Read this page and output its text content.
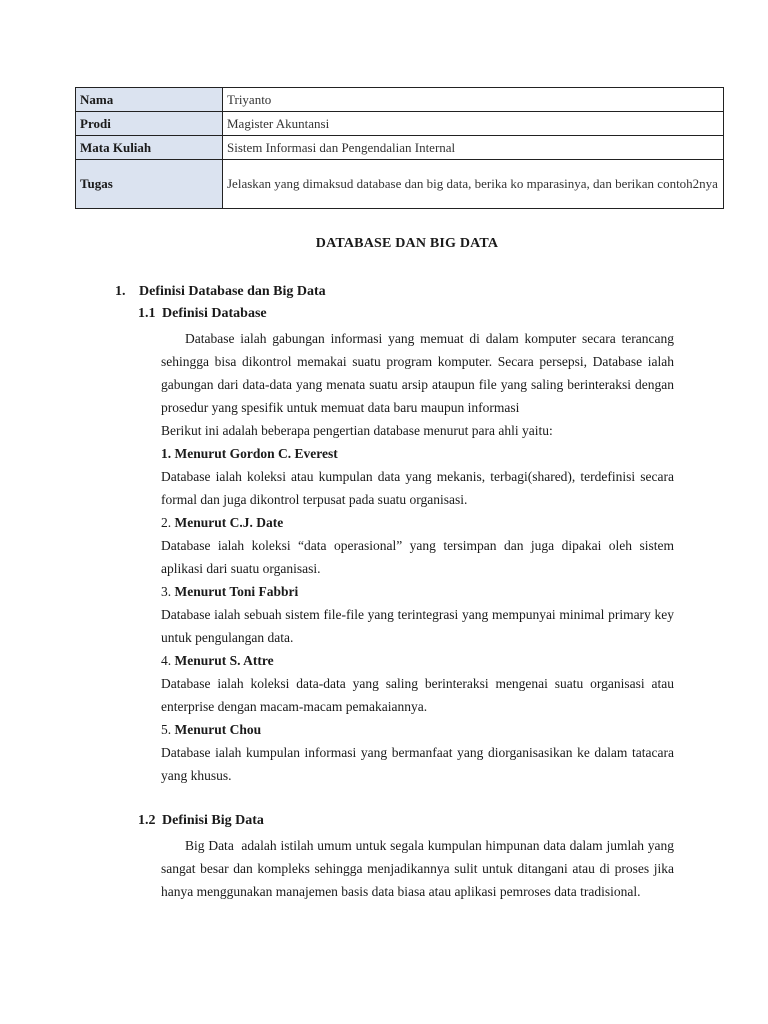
Nama	Triyanto
Prodi	Magister Akuntansi
Mata Kuliah	Sistem Informasi dan Pengendalian Internal
Tugas	Jelaskan yang dimaksud database dan big data, berika ko mparasinya, dan berikan contoh2nya

DATABASE DAN BIG DATA

1. Definisi Database dan Big Data
1.1 Definisi Database

Database ialah gabungan informasi yang memuat di dalam komputer secara terancang sehingga bisa dikontrol memakai suatu program komputer. Secara persepsi, Database ialah gabungan dari data-data yang menata suatu arsip ataupun file yang saling berinteraksi dengan prosedur yang spesifik untuk memuat data baru maupun informasi

Berikut ini adalah beberapa pengertian database menurut para ahli yaitu:

1. Menurut Gordon C. Everest

Database ialah koleksi atau kumpulan data yang mekanis, terbagi(shared), terdefinisi secara formal dan juga dikontrol terpusat pada suatu organisasi.

2. Menurut C.J. Date

Database ialah koleksi “data operasional” yang tersimpan dan juga dipakai oleh sistem aplikasi dari suatu organisasi.

3. Menurut Toni Fabbri

Database ialah sebuah sistem file-file yang terintegrasi yang mempunyai minimal primary key untuk pengulangan data.

4. Menurut S. Attre

Database ialah koleksi data-data yang saling berinteraksi mengenai suatu organisasi atau enterprise dengan macam-macam pemakaiannya.

5. Menurut Chou

Database ialah kumpulan informasi yang bermanfaat yang diorganisasikan ke dalam tatacara yang khusus.

1.2 Definisi Big Data

Big Data  adalah istilah umum untuk segala kumpulan himpunan data dalam jumlah yang sangat besar dan kompleks sehingga menjadikannya sulit untuk ditangani atau di proses jika hanya menggunakan manajemen basis data biasa atau aplikasi pemroses data tradisional.
